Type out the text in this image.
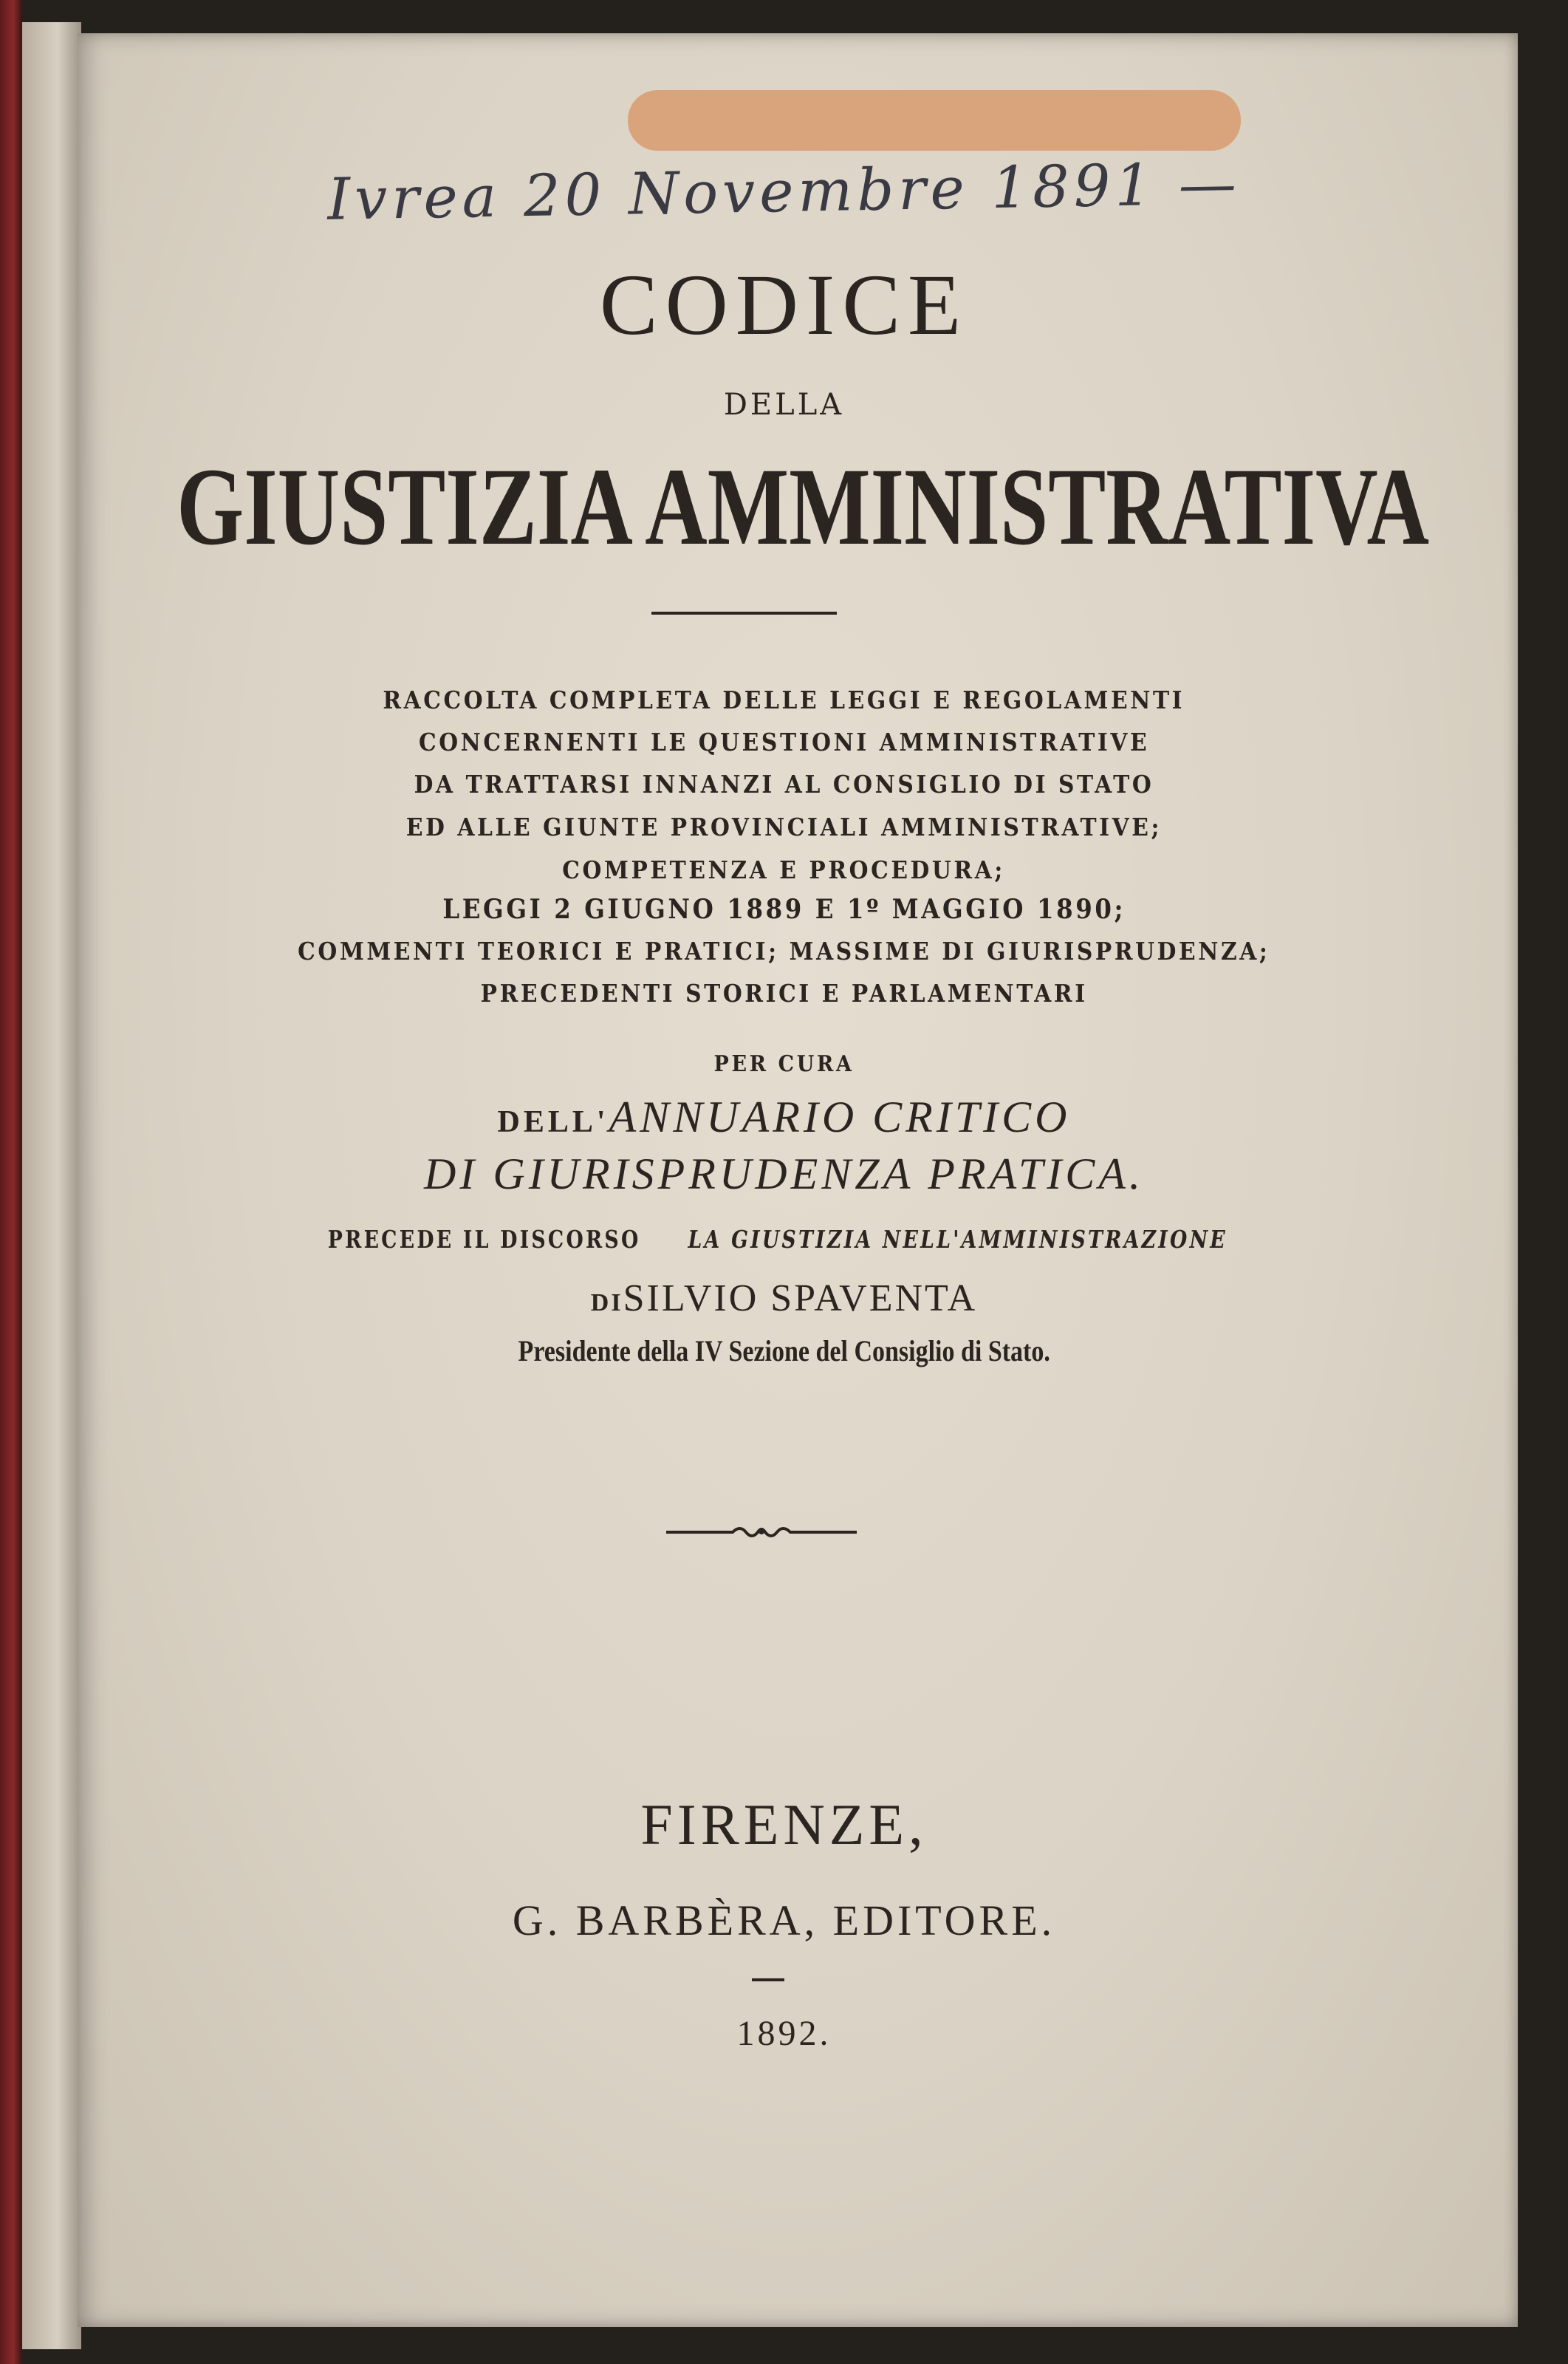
Ivrea 20 Novembre 1891 —
CODICE
DELLA
GIUSTIZIA AMMINISTRATIVA
RACCOLTA COMPLETA DELLE LEGGI E REGOLAMENTI
CONCERNENTI LE QUESTIONI AMMINISTRATIVE
DA TRATTARSI INNANZI AL CONSIGLIO DI STATO
ED ALLE GIUNTE PROVINCIALI AMMINISTRATIVE;
COMPETENZA E PROCEDURA;
LEGGI 2 GIUGNO 1889 E 1º MAGGIO 1890;
COMMENTI TEORICI E PRATICI; MASSIME DI GIURISPRUDENZA;
PRECEDENTI STORICI E PARLAMENTARI
PER CURA
DELL'ANNUARIO CRITICO
DI GIURISPRUDENZA PRATICA.
PRECEDE IL DISCORSOLA GIUSTIZIA NELL'AMMINISTRAZIONE
DISILVIO SPAVENTA
Presidente della IV Sezione del Consiglio di Stato.
FIRENZE,
G. BARBÈRA, EDITORE.
1892.
